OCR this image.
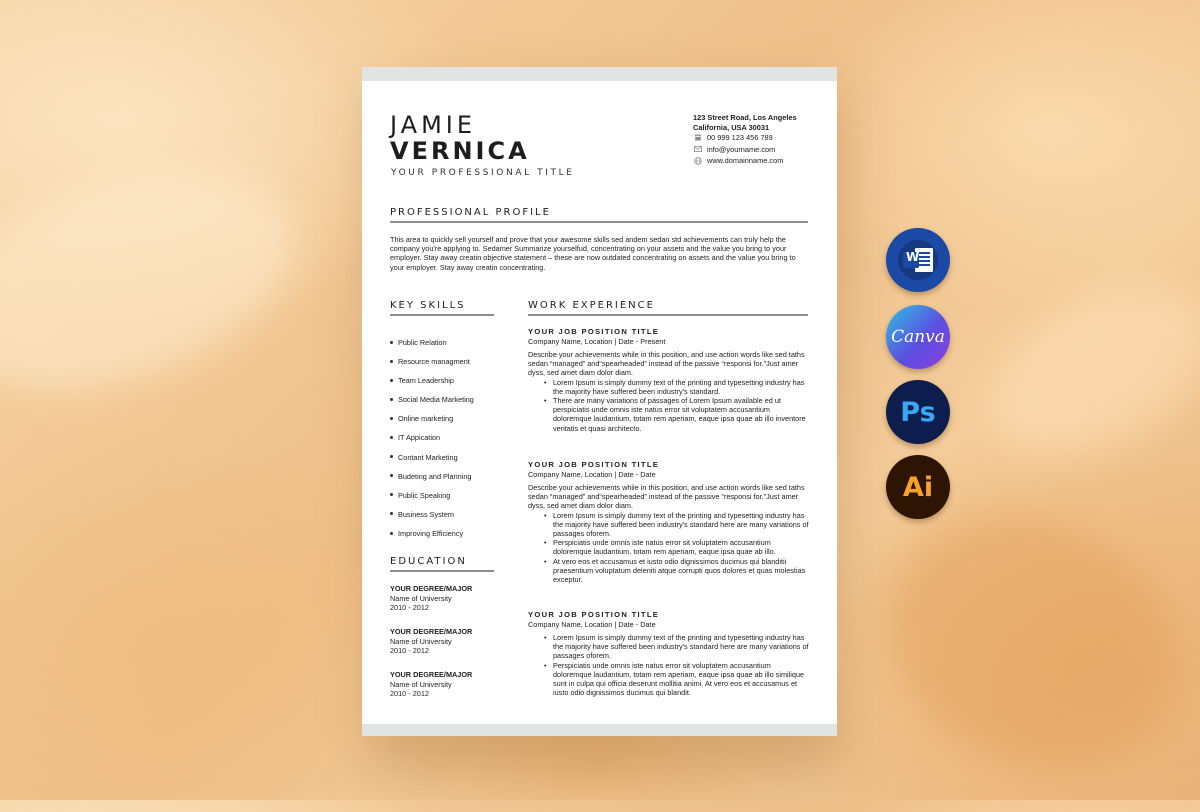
JAMIE
VERNICA
YOUR PROFESSIONAL TITLE
123 Street Road, Los Angeles
California, USA 30031
00 999 123 456 789
info@yourname.com
www.domainname.com
PROFESSIONAL PROFILE
This area to quickly sell yourself and prove that your awesome skills sed andem sedan std achievements can truly help the company you're applying to. Sedamer Summarize yourselfud, concentrating on your assets and the value you bring to your employer. Stay away creatin objective statement – these are now outdated concentrating on assets and the value you bring to your employer. Stay away creatin concentrating.
KEY SKILLS
Public Relation
Resource managment
Team Leadership
Social Media Marketing
Online marketing
IT Appication
Contant Marketing
Budeting and Planning
Public Speaking
Business System
Improving Efficiency
EDUCATION
YOUR DEGREE/MAJOR
Name of University
2010 - 2012
YOUR DEGREE/MAJOR
Name of University
2010 - 2012
YOUR DEGREE/MAJOR
Name of University
2010 - 2012
WORK EXPERIENCE
YOUR JOB POSITION TITLE
Company Name, Location | Date - Present
Describe your achievements while in this position, and use action words like sed taths sedan “managed” and“spearheaded” instead of the passive “responsi for.”Just amer dyss, sed amet diam dolor diam.
• Lorem Ipsum is simply dummy text of the printing and typesetting industry has the majority have suffered been industry's standard.
• There are many variations of passages of Lorem Ipsum available ed ut perspiciatis unde omnis iste natus error sit voluptatem accusantium doloremque laudantium, totam rem aperiam, eaque ipsa quae ab illo inventore veritatis et quasi architecto.
YOUR JOB POSITION TITLE
Company Name, Location | Date - Date
Describe your achievements while in this position, and use action words like sed taths sedan “managed” and“spearheaded” instead of the passive “responsi for.”Just amer dyss, sed amet diam dolor diam.
• Lorem Ipsum is simply dummy text of the printing and typesetting industry has the majority have suffered been industry's standard here are many variations of passages oforem.
• Perspiciatis unde omnis iste natus error sit voluptatem accusantium doloremque laudantium, totam rem aperiam, eaque ipsa quae ab illo.
• At vero eos et accusamus et iusto odio dignissimos ducimus qui blanditii praesentium voluptatum deleniti atque corrupti quos dolores et quas molestias exceptur.
YOUR JOB POSITION TITLE
Company Name, Location | Date - Date
• Lorem Ipsum is simply dummy text of the printing and typesetting industry has the majority have suffered been industry's standard here are many variations of passages oforem.
• Perspiciatis unde omnis iste natus error sit voluptatem accusantium doloremque laudantium, totam rem aperiam, eaque ipsa quae ab illo similique sunt in culpa qui officia deserunt mollitia animi. At vero eos et accusamus et iusto odio dignissimos ducimus qui blandit.
W
Canva
Ps
Ai
